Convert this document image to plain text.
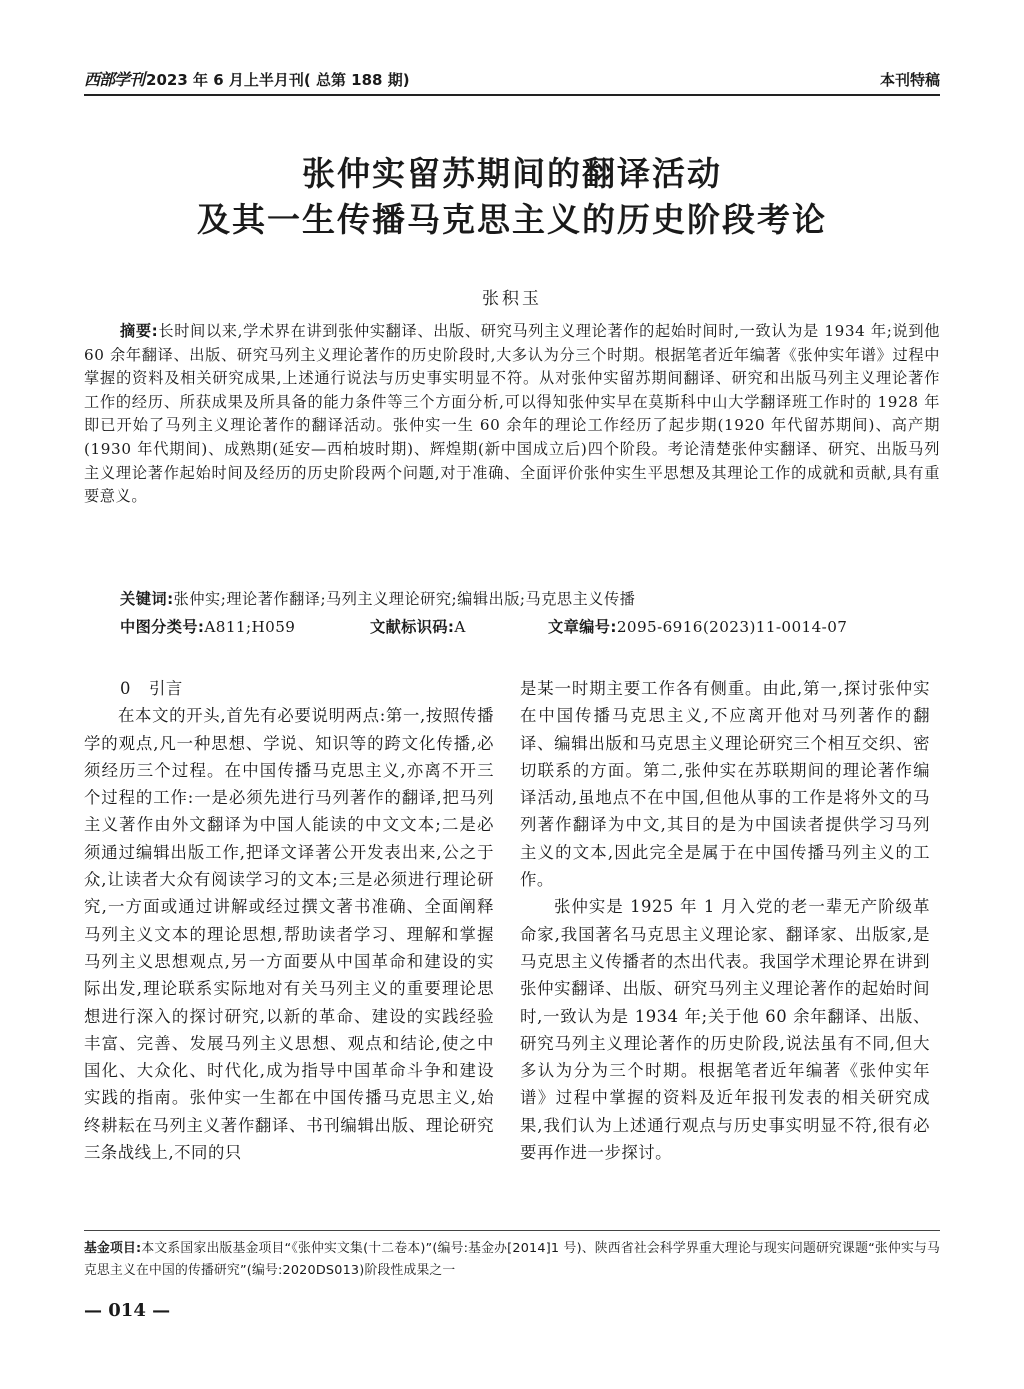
西部学刊 2023 年 6 月上半月刊( 总第 188 期)	本刊特稿
张仲实留苏期间的翻译活动
及其一生传播马克思主义的历史阶段考论
张积玉
摘要:长时间以来,学术界在讲到张仲实翻译、出版、研究马列主义理论著作的起始时间时,一致认为是 1934 年;说到他 60 余年翻译、出版、研究马列主义理论著作的历史阶段时,大多认为分三个时期。根据笔者近年编著《张仲实年谱》过程中掌握的资料及相关研究成果,上述通行说法与历史事实明显不符。从对张仲实留苏期间翻译、研究和出版马列主义理论著作工作的经历、所获成果及所具备的能力条件等三个方面分析,可以得知张仲实早在莫斯科中山大学翻译班工作时的 1928 年即已开始了马列主义理论著作的翻译活动。张仲实一生 60 余年的理论工作经历了起步期(1920 年代留苏期间)、高产期(1930 年代期间)、成熟期(延安—西柏坡时期)、辉煌期(新中国成立后)四个阶段。考论清楚张仲实翻译、研究、出版马列主义理论著作起始时间及经历的历史阶段两个问题,对于准确、全面评价张仲实生平思想及其理论工作的成就和贡献,具有重要意义。
关键词:张仲实;理论著作翻译;马列主义理论研究;编辑出版;马克思主义传播
中图分类号:A811;H059	文献标识码:A	文章编号:2095-6916(2023)11-0014-07

0 引言

在本文的开头,首先有必要说明两点:第一,按照传播学的观点,凡一种思想、学说、知识等的跨文化传播,必须经历三个过程。在中国传播马克思主义,亦离不开三个过程的工作:一是必须先进行马列著作的翻译,把马列主义著作由外文翻译为中国人能读的中文文本;二是必须通过编辑出版工作,把译文译著公开发表出来,公之于众,让读者大众有阅读学习的文本;三是必须进行理论研究,一方面或通过讲解或经过撰文著书准确、全面阐释马列主义文本的理论思想,帮助读者学习、理解和掌握马列主义思想观点,另一方面要从中国革命和建设的实际出发,理论联系实际地对有关马列主义的重要理论思想进行深入的探讨研究,以新的革命、建设的实践经验丰富、完善、发展马列主义思想、观点和结论,使之中国化、大众化、时代化,成为指导中国革命斗争和建设实践的指南。张仲实一生都在中国传播马克思主义,始终耕耘在马列主义著作翻译、书刊编辑出版、理论研究三条战线上,不同的只

是某一时期主要工作各有侧重。由此,第一,探讨张仲实在中国传播马克思主义,不应离开他对马列著作的翻译、编辑出版和马克思主义理论研究三个相互交织、密切联系的方面。第二,张仲实在苏联期间的理论著作编译活动,虽地点不在中国,但他从事的工作是将外文的马列著作翻译为中文,其目的是为中国读者提供学习马列主义的文本,因此完全是属于在中国传播马列主义的工作。

张仲实是 1925 年 1 月入党的老一辈无产阶级革命家,我国著名马克思主义理论家、翻译家、出版家,是马克思主义传播者的杰出代表。我国学术理论界在讲到张仲实翻译、出版、研究马列主义理论著作的起始时间时,一致认为是 1934 年;关于他 60 余年翻译、出版、研究马列主义理论著作的历史阶段,说法虽有不同,但大多认为分为三个时期。根据笔者近年编著《张仲实年谱》过程中掌握的资料及近年报刊发表的相关研究成果,我们认为上述通行观点与历史事实明显不符,很有必要再作进一步探讨。

基金项目:本文系国家出版基金项目“《张仲实文集(十二卷本)”(编号:基金办[2014]1 号)、陕西省社会科学界重大理论与现实问题研究课题“张仲实与马克思主义在中国的传播研究”(编号:2020DS013)阶段性成果之一
— 014 —
